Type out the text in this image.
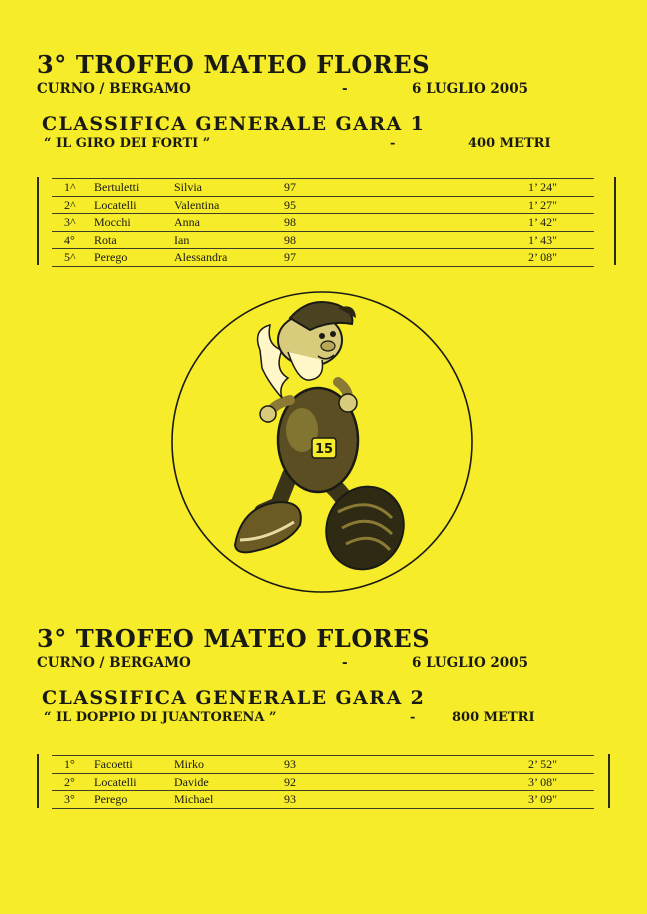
3° TROFEO MATEO FLORES
CURNO / BERGAMO	-	6 LUGLIO 2005
CLASSIFICA GENERALE GARA 1
“ IL GIRO DEI FORTI ”	-	400 METRI
1^ Bertuletti	Silvia	97	1’ 24"
2^ Locatelli	Valentina	95	1’ 27"
3^ Mocchi	Anna	98	1’ 42"
4° Rota	Ian	98	1’ 43"
5^ Perego	Alessandra	97	2’ 08"
15
3° TROFEO MATEO FLORES
CURNO / BERGAMO	-	6 LUGLIO 2005
CLASSIFICA GENERALE GARA 2
“ IL DOPPIO DI JUANTORENA ”	-	800 METRI
1° Facoetti	Mirko	93	2’ 52"
2° Locatelli	Davide	92	3’ 08"
3° Perego	Michael	93	3’ 09"
